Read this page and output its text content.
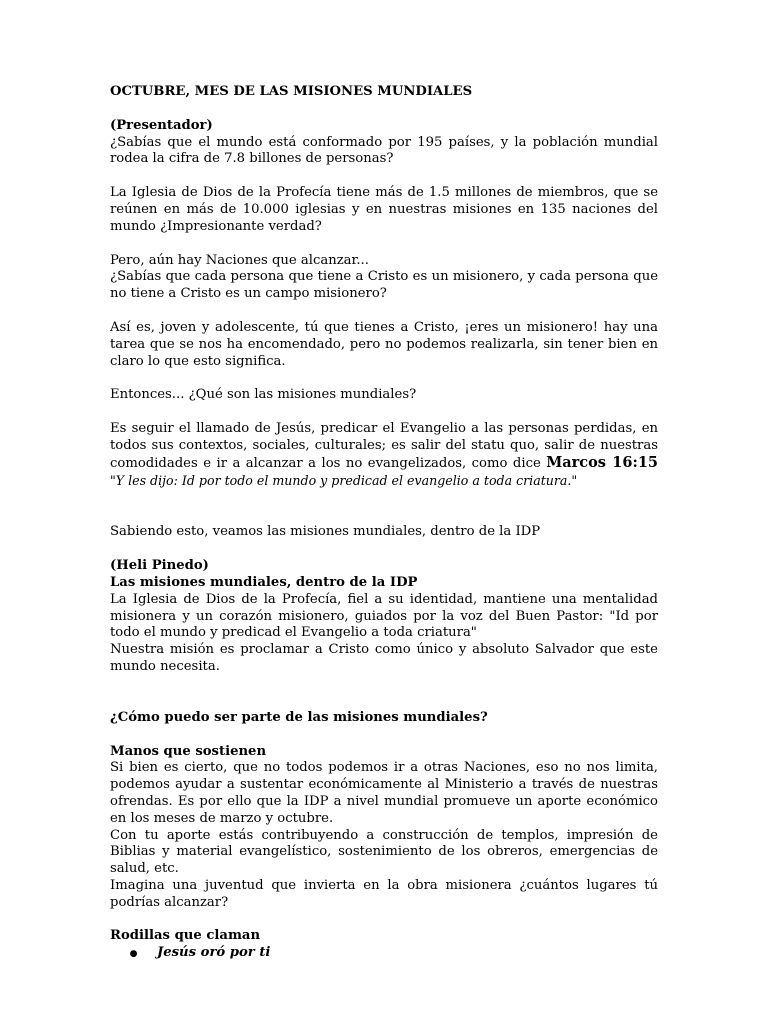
OCTUBRE, MES DE LAS MISIONES MUNDIALES

(Presentador)

¿Sabías que el mundo está conformado por 195 países, y la población mundial rodea la cifra de 7.8 billones de personas?

La Iglesia de Dios de la Profecía tiene más de 1.5 millones de miembros, que se reúnen en más de 10.000 iglesias y en nuestras misiones en 135 naciones del mundo ¿Impresionante verdad?

Pero, aún hay Naciones que alcanzar...

¿Sabías que cada persona que tiene a Cristo es un misionero, y cada persona que no tiene a Cristo es un campo misionero?

Así es, joven y adolescente, tú que tienes a Cristo, ¡eres un misionero! hay una tarea que se nos ha encomendado, pero no podemos realizarla, sin tener bien en claro lo que esto significa.

Entonces... ¿Qué son las misiones mundiales?

Es seguir el llamado de Jesús, predicar el Evangelio a las personas perdidas, en todos sus contextos, sociales, culturales; es salir del statu quo, salir de nuestras comodidades e ir a alcanzar a los no evangelizados, como dice Marcos 16:15 "Y les dijo: Id por todo el mundo y predicad el evangelio a toda criatura."

Sabiendo esto, veamos las misiones mundiales, dentro de la IDP

(Heli Pinedo)

Las misiones mundiales, dentro de la IDP

La Iglesia de Dios de la Profecía, fiel a su identidad, mantiene una mentalidad misionera y un corazón misionero, guiados por la voz del Buen Pastor: "Id por todo el mundo y predicad el Evangelio a toda criatura"

Nuestra misión es proclamar a Cristo como único y absoluto Salvador que este mundo necesita.

¿Cómo puedo ser parte de las misiones mundiales?

Manos que sostienen

Si bien es cierto, que no todos podemos ir a otras Naciones, eso no nos limita, podemos ayudar a sustentar económicamente al Ministerio a través de nuestras ofrendas. Es por ello que la IDP a nivel mundial promueve un aporte económico en los meses de marzo y octubre.

Con tu aporte estás contribuyendo a construcción de templos, impresión de Biblias y material evangelístico, sostenimiento de los obreros, emergencias de salud, etc.

Imagina una juventud que invierta en la obra misionera ¿cuántos lugares tú podrías alcanzar?

Rodillas que claman

●	Jesús oró por ti
